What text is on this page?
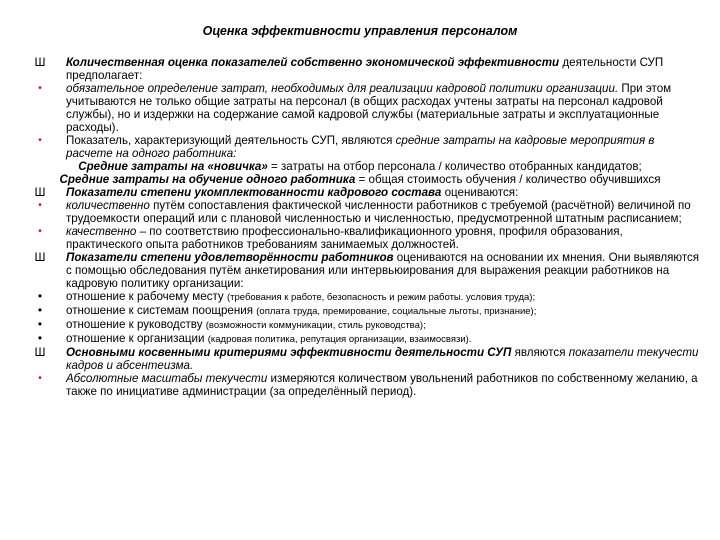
Оценка эффективности управления персоналом
Ш	Количественная оценка показателей собственно экономической эффективности деятельности СУП предполагает:
•	обязательное определение затрат, необходимых для реализации кадровой политики организации. При этом учитываются не только общие затраты на персонал (в общих расходах учтены затраты на персонал кадровой службы), но и издержки на содержание самой кадровой службы (материальные затраты и эксплуатационные расходы).
•	Показатель, характеризующий деятельность СУП, являются средние затраты на кадровые мероприятия в расчете на одного работника:
Средние затраты на «новичка» = затраты на отбор персонала / количество отобранных кандидатов;
Средние затраты на обучение одного работника = общая стоимость обучения / количество обучившихся
Ш	Показатели степени укомплектованности кадрового состава оцениваются:
•	количественно путём сопоставления фактической численности работников с требуемой (расчётной) величиной по трудоемкости операций или с плановой численностью и численностью, предусмотренной штатным расписанием;
•	качественно – по соответствию профессионально-квалификационного уровня, профиля образования, практического опыта работников требованиям занимаемых должностей.
Ш	Показатели степени удовлетворённости работников оцениваются на основании их мнения. Они выявляются с помощью обследования путём анкетирования или интервьюирования для выражения реакции работников на кадровую политику организации:
•	отношение к рабочему месту (требования к работе, безопасность и режим работы. условия труда);
•	отношение к системам поощрения (оплата труда, премирование, социальные льготы, признание);
•	отношение к руководству (возможности коммуникации, стиль руководства);
•	отношение к организации (кадровая политика, репутация организации, взаимосвязи).
Ш	Основными косвенными критериями эффективности деятельности СУП являются показатели текучести кадров и абсентеизма.
•	Абсолютные масштабы текучести измеряются количеством увольнений работников по собственному желанию, а также по инициативе администрации (за определённый период).
